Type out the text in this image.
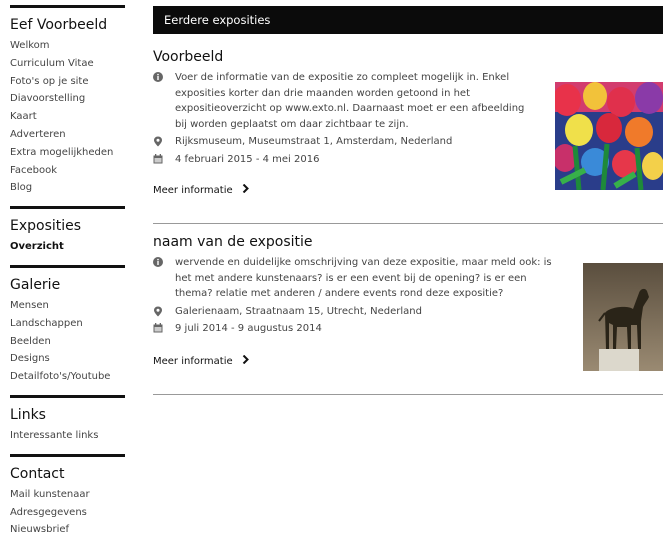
Eef Voorbeeld
Welkom
Curriculum Vitae
Foto's op je site
Diavoorstelling
Kaart
Adverteren
Extra mogelijkheden
Facebook
Blog
Exposities
Overzicht
Galerie
Mensen
Landschappen
Beelden
Designs
Detailfoto's/Youtube
Links
Interessante links
Contact
Mail kunstenaar
Adresgegevens
Nieuwsbrief
Eerdere exposities
Voorbeeld
Voer de informatie van de expositie zo compleet mogelijk in. Enkel exposities korter dan drie maanden worden getoond in het expositieoverzicht op www.exto.nl. Daarnaast moet er een afbeelding bij worden geplaatst om daar zichtbaar te zijn.
Rijksmuseum, Museumstraat 1, Amsterdam, Nederland
4 februari 2015 - 4 mei 2016
Meer informatie
naam van de expositie
wervende en duidelijke omschrijving van deze expositie, maar meld ook: is het met andere kunstenaars? is er een event bij de opening? is er een thema? relatie met anderen / andere events rond deze expositie?
Galerienaam, Straatnaam 15, Utrecht, Nederland
9 juli 2014 - 9 augustus 2014
Meer informatie
